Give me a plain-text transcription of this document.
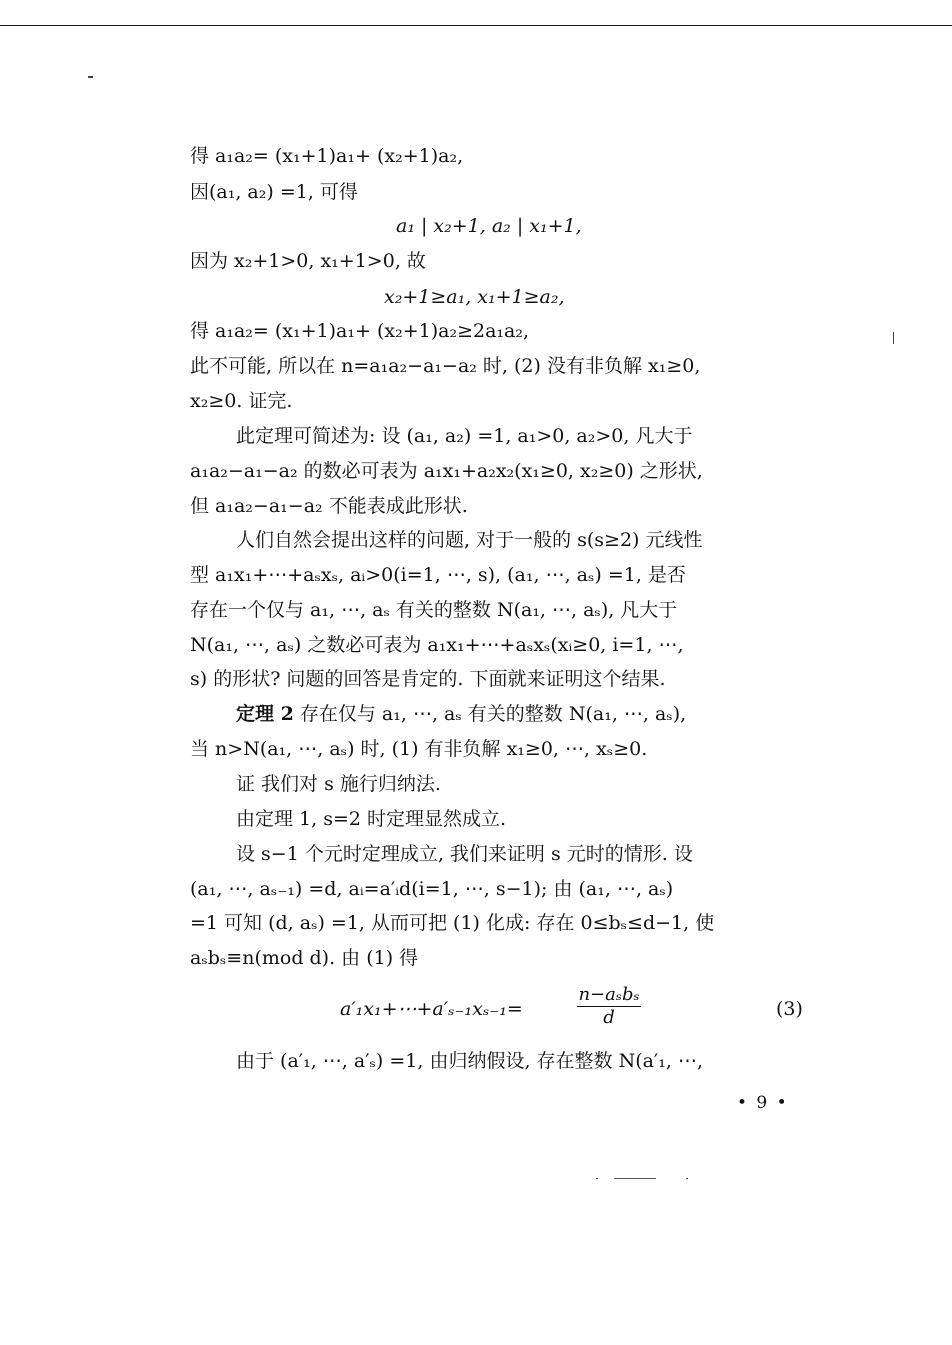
得 a₁a₂= (x₁+1)a₁+ (x₂+1)a₂,
因(a₁, a₂) =1, 可得
a₁ | x₂+1, a₂ | x₁+1,
因为 x₂+1>0, x₁+1>0, 故
x₂+1≥a₁, x₁+1≥a₂,
得 a₁a₂= (x₁+1)a₁+ (x₂+1)a₂≥2a₁a₂,
此不可能, 所以在 n=a₁a₂−a₁−a₂ 时, (2) 没有非负解 x₁≥0,
x₂≥0. 证完.
此定理可简述为: 设 (a₁, a₂) =1, a₁>0, a₂>0, 凡大于
a₁a₂−a₁−a₂ 的数必可表为 a₁x₁+a₂x₂(x₁≥0, x₂≥0) 之形状,
但 a₁a₂−a₁−a₂ 不能表成此形状.
人们自然会提出这样的问题, 对于一般的 s(s≥2) 元线性
型 a₁x₁+⋯+aₛxₛ, aᵢ>0(i=1, ⋯, s), (a₁, ⋯, aₛ) =1, 是否
存在一个仅与 a₁, ⋯, aₛ 有关的整数 N(a₁, ⋯, aₛ), 凡大于
N(a₁, ⋯, aₛ) 之数必可表为 a₁x₁+⋯+aₛxₛ(xᵢ≥0, i=1, ⋯,
s) 的形状? 问题的回答是肯定的. 下面就来证明这个结果.
定理 2 存在仅与 a₁, ⋯, aₛ 有关的整数 N(a₁, ⋯, aₛ),
当 n>N(a₁, ⋯, aₛ) 时, (1) 有非负解 x₁≥0, ⋯, xₛ≥0.
证 我们对 s 施行归纳法.
由定理 1, s=2 时定理显然成立.
设 s−1 个元时定理成立, 我们来证明 s 元时的情形. 设
(a₁, ⋯, aₛ₋₁) =d, aᵢ=a′ᵢd(i=1, ⋯, s−1); 由 (a₁, ⋯, aₛ)
=1 可知 (d, aₛ) =1, 从而可把 (1) 化成: 存在 0≤bₛ≤d−1, 使
aₛbₛ≡n(mod d). 由 (1) 得
a′₁x₁+⋯+a′ₛ₋₁xₛ₋₁=
n−aₛbₛ
d	(3)
由于 (a′₁, ⋯, a′ₛ) =1, 由归纳假设, 存在整数 N(a′₁, ⋯,
• 9 •
